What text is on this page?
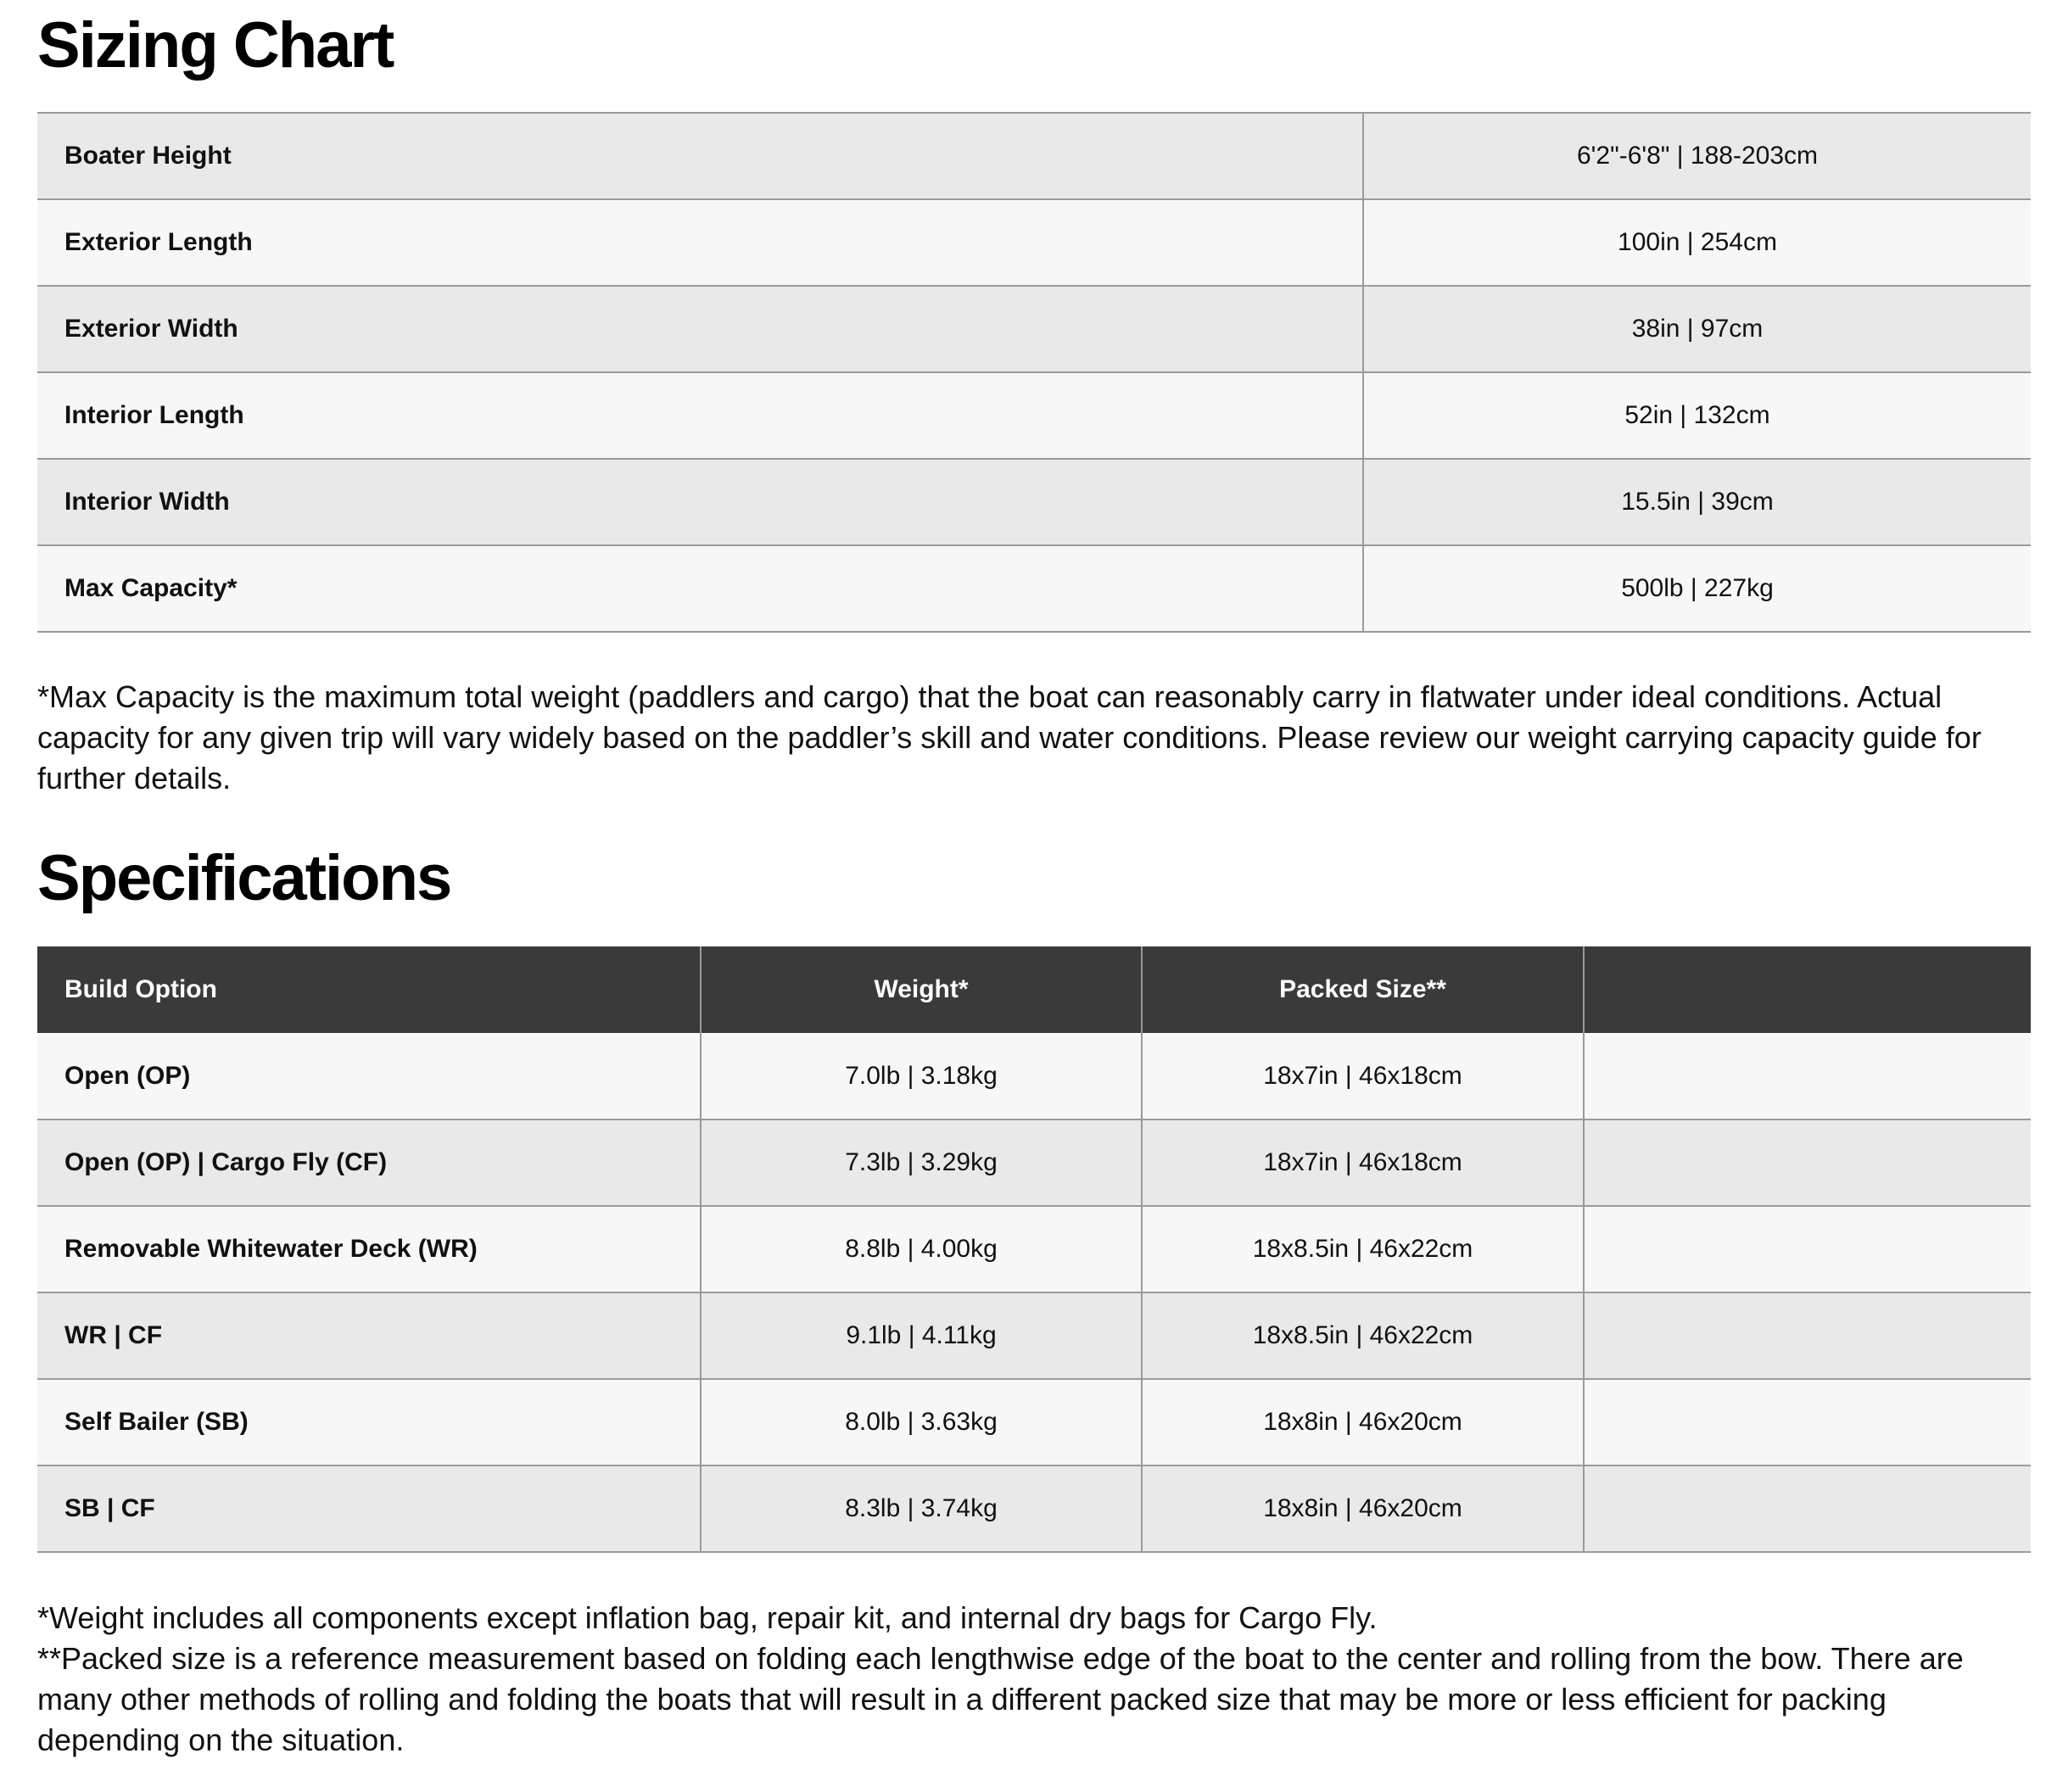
Sizing Chart
Boater Height	6'2"-6'8" | 188-203cm
Exterior Length	100in | 254cm
Exterior Width	38in | 97cm
Interior Length	52in | 132cm
Interior Width	15.5in | 39cm
Max Capacity*	500lb | 227kg

*Max Capacity is the maximum total weight (paddlers and cargo) that the boat can reasonably carry in flatwater under ideal conditions. Actual capacity for any given trip will vary widely based on the paddler’s skill and water conditions. Please review our weight carrying capacity guide for further details.

Specifications
Build Option	Weight*	Packed Size**	
Open (OP)	7.0lb | 3.18kg	18x7in | 46x18cm	
Open (OP) | Cargo Fly (CF)	7.3lb | 3.29kg	18x7in | 46x18cm	
Removable Whitewater Deck (WR)	8.8lb | 4.00kg	18x8.5in | 46x22cm	
WR | CF	9.1lb | 4.11kg	18x8.5in | 46x22cm	
Self Bailer (SB)	8.0lb | 3.63kg	18x8in | 46x20cm	
SB | CF	8.3lb | 3.74kg	18x8in | 46x20cm	
*Weight includes all components except inflation bag, repair kit, and internal dry bags for Cargo Fly.
**Packed size is a reference measurement based on folding each lengthwise edge of the boat to the center and rolling from the bow. There are many other methods of rolling and folding the boats that will result in a different packed size that may be more or less efficient for packing depending on the situation.
